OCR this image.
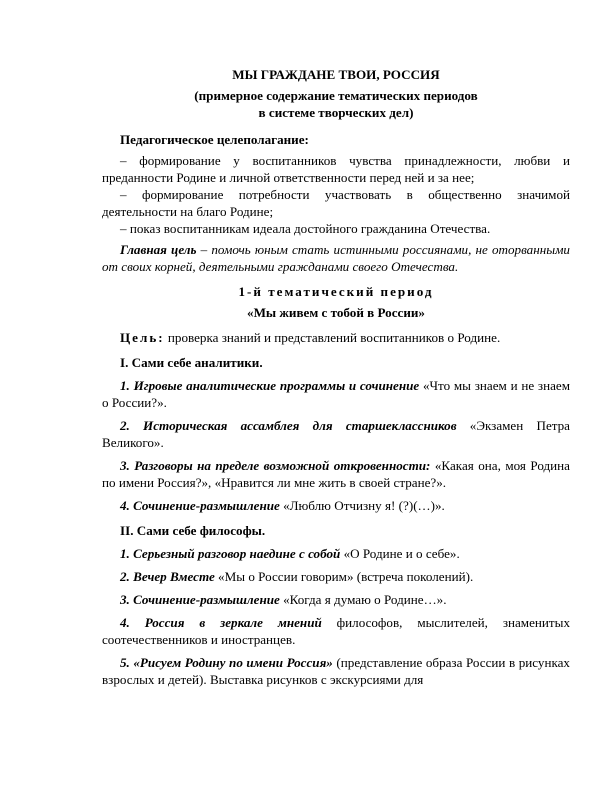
МЫ ГРАЖДАНЕ ТВОИ, РОССИЯ

(примерное содержание тематических периодов

в системе творческих дел)

Педагогическое целеполагание:

– формирование у воспитанников чувства принадлежности, любви и преданности Родине и личной ответственности перед ней и за нее;

– формирование потребности участвовать в общественно значимой деятельности на благо Родине;

– показ воспитанникам идеала достойного гражданина Отечества.

Главная цель – помочь юным стать истинными россиянами, не оторванными от своих корней, деятельными гражданами своего Отечества.

1-й тематический период

«Мы живем с тобой в России»

Цель: проверка знаний и представлений воспитанников о Родине.

I. Сами себе аналитики.

1. Игровые аналитические программы и сочинение «Что мы знаем и не знаем о России?».

2. Историческая ассамблея для старшеклассников «Экзамен Петра Великого».

3. Разговоры на пределе возможной откровенности: «Какая она, моя Родина по имени Россия?», «Нравится ли мне жить в своей стране?».

4. Сочинение-размышление «Люблю Отчизну я! (?)(…)».

II. Сами себе философы.

1. Серьезный разговор наедине с собой «О Родине и о себе».

2. Вечер Вместе «Мы о России говорим» (встреча поколений).

3. Сочинение-размышление «Когда я думаю о Родине…».

4. Россия в зеркале мнений философов, мыслителей, знаменитых соотечественников и иностранцев.

5. «Рисуем Родину по имени Россия» (представление образа России в рисунках взрослых и детей). Выставка рисунков с экскурсиями для
